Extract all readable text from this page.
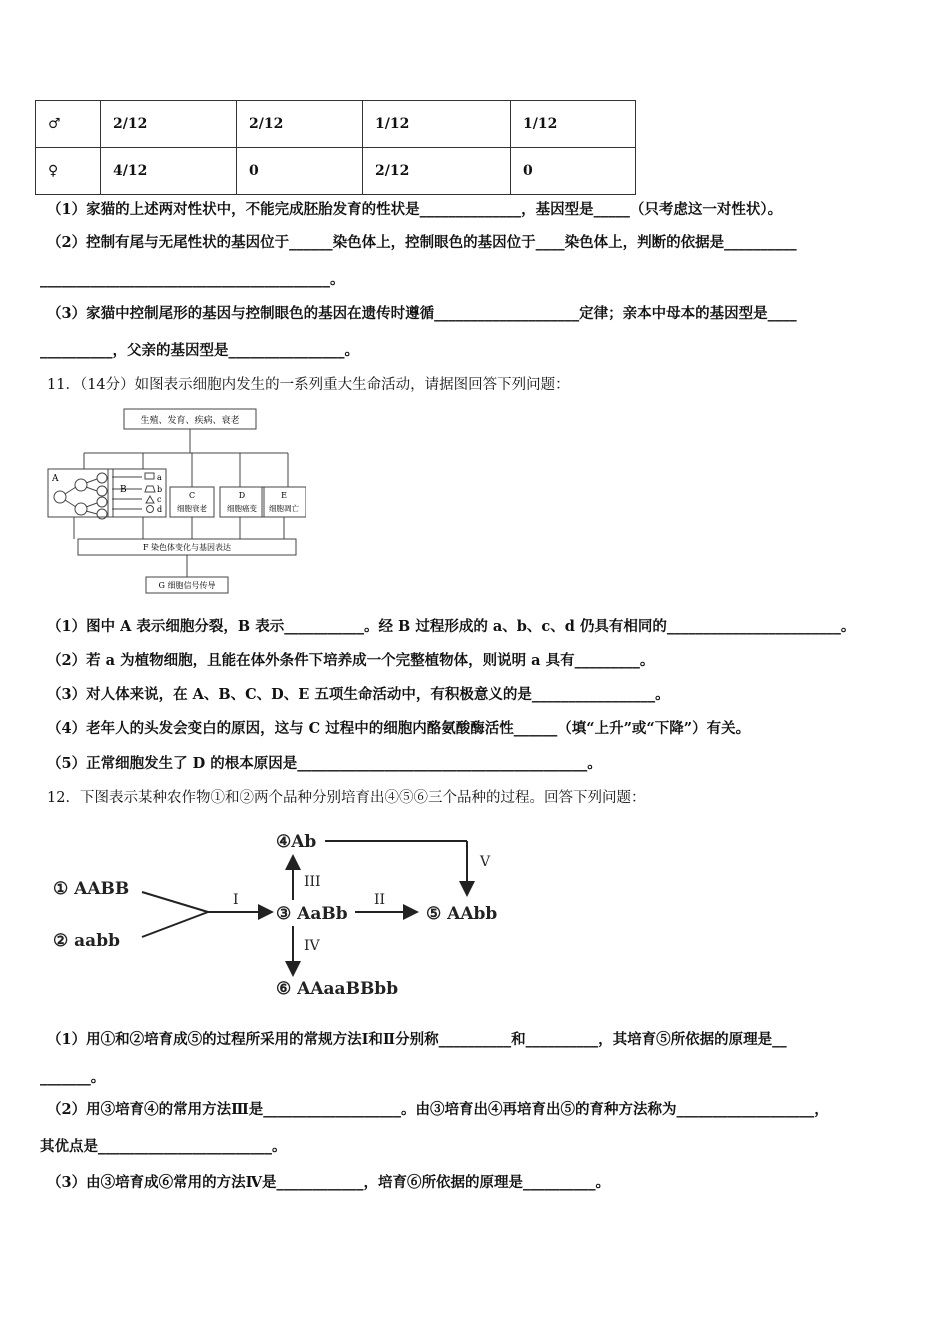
♂	2/12	2/12	1/12	1/12
♀	4/12	0	2/12	0
（1）家猫的上述两对性状中，不能完成胚胎发育的性状是______________，基因型是_____（只考虑这一对性状）。
（2）控制有尾与无尾性状的基因位于______染色体上，控制眼色的基因位于____染色体上，判断的依据是__________
________________________________________。
（3）家猫中控制尾形的基因与控制眼色的基因在遗传时遵循____________________定律；亲本中母本的基因型是____
__________，父亲的基因型是________________。
11．（14分）如图表示细胞内发生的一系列重大生命活动，请据图回答下列问题：
生殖、发育、疾病、衰老
A
B
a
b
c
d
C
细胞衰老
D
细胞癌变
E
细胞凋亡
F 染色体变化与基因表达
G 细胞信号传导
（1）图中 A 表示细胞分裂，B 表示___________。经 B 过程形成的 a、b、c、d 仍具有相同的________________________。
（2）若 a 为植物细胞，且能在体外条件下培养成一个完整植物体，则说明 a 具有_________。
（3）对人体来说，在 A、B、C、D、E 五项生命活动中，有积极意义的是_________________。
（4）老年人的头发会变白的原因，这与 C 过程中的细胞内酪氨酸酶活性______（填“上升”或“下降”）有关。
（5）正常细胞发生了 D 的根本原因是________________________________________。
12．下图表示某种农作物①和②两个品种分别培育出④⑤⑥三个品种的过程。回答下列问题：
① AABB
② aabb
③ AaBb
④Ab
⑤ AAbb
⑥ AAaaBBbb
I	II
III
IV
V
（1）用①和②培育成⑤的过程所采用的常规方法Ⅰ和Ⅱ分别称__________和__________，其培育⑤所依据的原理是__
_______。
（2）用③培育④的常用方法Ⅲ是___________________。由③培育出④再培育出⑤的育种方法称为___________________，
其优点是________________________。
（3）由③培育成⑥常用的方法Ⅳ是____________，培育⑥所依据的原理是__________。
